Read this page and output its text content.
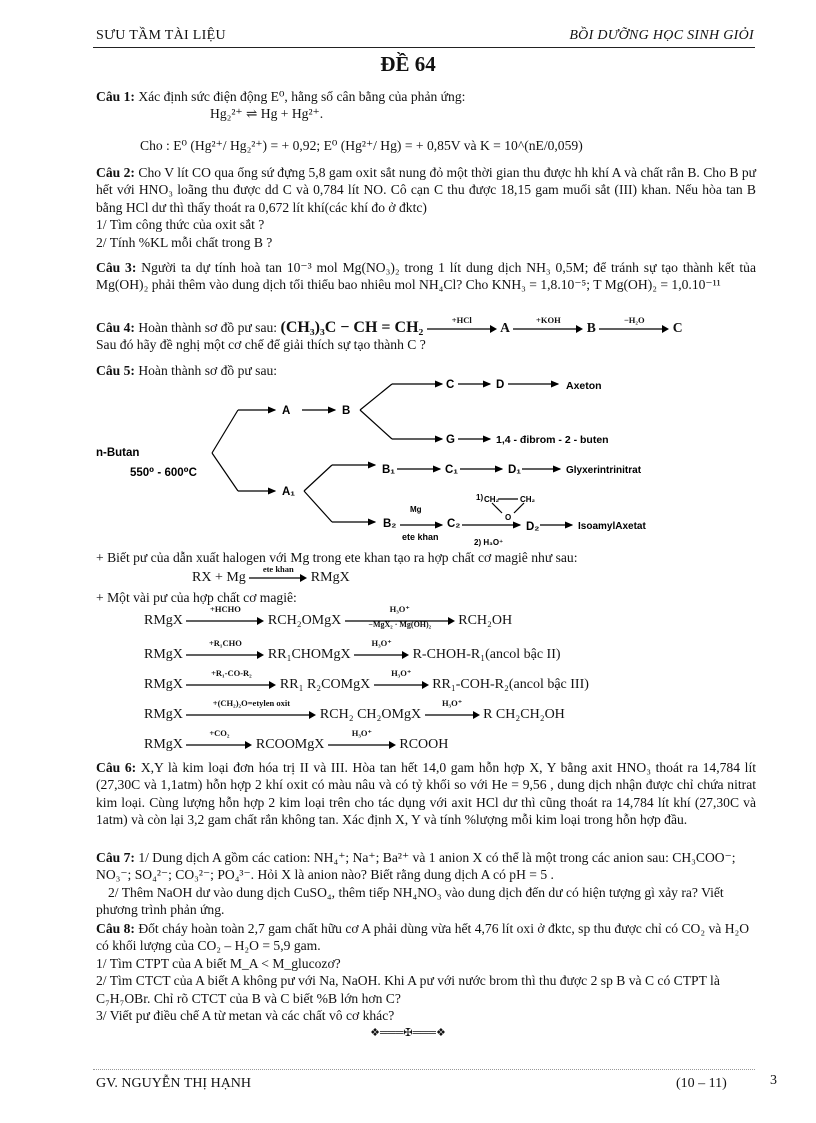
SƯU TẦM TÀI LIỆU	BỒI DƯỠNG HỌC SINH GIỎI
ĐỀ 64

Câu 1: Xác định sức điện động E⁰, hằng số cân bằng của phản ứng:

Hg₂²⁺ ⇌ Hg + Hg²⁺.

Cho : E⁰ (Hg²⁺/ Hg₂²⁺) = + 0,92; E⁰ (Hg²⁺/ Hg) = + 0,85V và K = 10^(nE/0,059)

Câu 2: Cho V lít CO qua ống sứ đựng 5,8 gam oxit sắt nung đỏ một thời gian thu được hh khí A và chất rắn B. Cho B pư hết với HNO₃ loãng thu được dd C và 0,784 lít NO. Cô cạn C thu được 18,15 gam muối sắt (III) khan. Nếu hòa tan B bằng HCl dư thì thấy thoát ra 0,672 lít khí(các khí đo ở đktc)

1/ Tìm công thức của oxit sắt ?

2/ Tính %KL mỗi chất trong B ?

Câu 3: Người ta dự tính hoà tan 10⁻³ mol Mg(NO₃)₂ trong 1 lít dung dịch NH₃ 0,5M; để tránh sự tạo thành kết tủa Mg(OH)₂ phải thêm vào dung dịch tối thiểu bao nhiêu mol NH₄Cl? Cho KNH₃ = 1,8.10⁻⁵; T Mg(OH)₂ = 1,0.10⁻¹¹

Câu 4: Hoàn thành sơ đồ pư sau: (CH₃)₃C − CH = CH₂	+HCl
A
+KOH
B
−H₂O
C

Sau đó hãy đề nghị một cơ chế để giải thích sự tạo thành C ?

Câu 5: Hoàn thành sơ đồ pư sau:

n-Butan
550⁰ - 600⁰C
A	B
C	D	Axeton
G	1,4 - đibrom - 2 - buten
A₁
B₁	C₁	D₁	Glyxerintrinitrat
B₂	C₂	D₂	IsoamylAxetat
Mg
ete khan
1) CH₂	CH₂
O
2) H₃O⁺

+ Biết pư của dẫn xuất halogen với Mg trong ete khan tạo ra hợp chất cơ magiê như sau:

RX + Mg
ete khan
RMgX

+ Một vài pư của hợp chất cơ magiê:

RMgX
+HCHO
RCH₂OMgX
H₃O⁺
−MgX₂ · Mg(OH)₂	RCH₂OH
RMgX
+R₁CHO
RR₁CHOMgX
H₃O⁺
R-CHOH-R₁(ancol bậc II)
RMgX
+R₁-CO-R₂
RR₁ R₂COMgX
H₃O⁺
RR₁-COH-R₂(ancol bậc III)
RMgX
+(CH₂)₂O=etylen oxit
RCH₂ CH₂OMgX
H₃O⁺
R CH₂CH₂OH
RMgX
+CO₂
RCOOMgX
H₃O⁺
RCOOH

Câu 6: X,Y là kim loại đơn hóa trị II và III. Hòa tan hết 14,0 gam hỗn hợp X, Y bằng axit HNO₃ thoát ra 14,784 lít (27,30C và 1,1atm) hỗn hợp 2 khí oxit có màu nâu và có tỷ khối so với He = 9,56 , dung dịch nhận được chỉ chứa nitrat kim loại. Cùng lượng hỗn hợp 2 kim loại trên cho tác dụng với axit HCl dư thì cũng thoát ra 14,784 lít khí (27,30C và 1atm) và còn lại 3,2 gam chất rắn không tan. Xác định X, Y và tính %lượng mỗi kim loại trong hỗn hợp đầu.

Câu 7: 1/ Dung dịch A gồm các cation: NH₄⁺; Na⁺; Ba²⁺ và 1 anion X có thể là một trong các anion sau: CH₃COO⁻; NO₃⁻; SO₄²⁻; CO₃²⁻; PO₄³⁻. Hỏi X là anion nào? Biết rằng dung dịch A có pH = 5 .

2/ Thêm NaOH dư vào dung dịch CuSO₄, thêm tiếp NH₄NO₃ vào dung dịch đến dư có hiện tượng gì xảy ra? Viết phương trình phản ứng.

Câu 8: Đốt cháy hoàn toàn 2,7 gam chất hữu cơ A phải dùng vừa hết 4,76 lít oxi ở đktc, sp thu được chỉ có CO₂ và H₂O có khối lượng của CO₂ – H₂O = 5,9 gam.

1/ Tìm CTPT của A biết M_A < M_glucozơ?

2/ Tìm CTCT của A biết A không pư với Na, NaOH. Khi A pư với nước brom thì thu được 2 sp B và C có CTPT là C₇H₇OBr. Chỉ rõ CTCT của B và C biết %B lớn hơn C?

3/ Viết pư điều chế A từ metan và các chất vô cơ khác?

❖═══✠═══❖
GV. NGUYỄN THỊ HẠNH	(10 – 11)	3
